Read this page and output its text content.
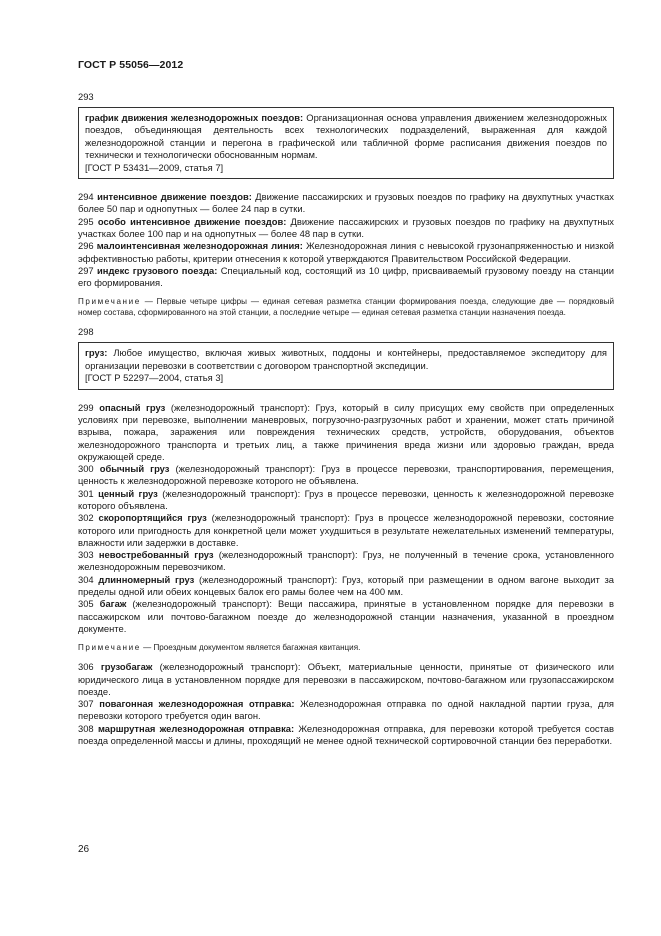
ГОСТ Р 55056—2012
293

график движения железнодорожных поездов: Организационная основа управления движением железнодорожных поездов, объединяющая деятельность всех технологических подразделений, выраженная для каждой железнодорожной станции и перегона в графической или табличной форме расписания движения поездов по технически и технологически обоснованным нормам.

[ГОСТ Р 53431—2009, статья 7]

294 интенсивное движение поездов: Движение пассажирских и грузовых поездов по графику на двухпутных участках более 50 пар и однопутных — более 24 пар в сутки.

295 особо интенсивное движение поездов: Движение пассажирских и грузовых поездов по графику на двухпутных участках более 100 пар и на однопутных — более 48 пар в сутки.

296 малоинтенсивная железнодорожная линия: Железнодорожная линия с невысокой грузонапряженностью и низкой эффективностью работы, критерии отнесения к которой утверждаются Правительством Российской Федерации.

297 индекс грузового поезда: Специальный код, состоящий из 10 цифр, присваиваемый грузовому поезду на станции его формирования.

Примечание — Первые четыре цифры — единая сетевая разметка станции формирования поезда, следующие две — порядковый номер состава, сформированного на этой станции, а последние четыре — единая сетевая разметка станции назначения поезда.

298

груз: Любое имущество, включая живых животных, поддоны и контейнеры, предоставляемое экспедитору для организации перевозки в соответствии с договором транспортной экспедиции.

[ГОСТ Р 52297—2004, статья 3]

299 опасный груз (железнодорожный транспорт): Груз, который в силу присущих ему свойств при определенных условиях при перевозке, выполнении маневровых, погрузочно-разгрузочных работ и хранении, может стать причиной взрыва, пожара, заражения или повреждения технических средств, устройств, оборудования, объектов железнодорожного транспорта и третьих лиц, а также причинения вреда жизни или здоровью граждан, вреда окружающей среде.

300 обычный груз (железнодорожный транспорт): Груз в процессе перевозки, транспортирования, перемещения, ценность к железнодорожной перевозке которого не объявлена.

301 ценный груз (железнодорожный транспорт): Груз в процессе перевозки, ценность к железнодорожной перевозке которого объявлена.

302 скоропортящийся груз (железнодорожный транспорт): Груз в процессе железнодорожной перевозки, состояние которого или пригодность для конкретной цели может ухудшиться в результате нежелательных изменений температуры, влажности или задержки в доставке.

303 невостребованный груз (железнодорожный транспорт): Груз, не полученный в течение срока, установленного железнодорожным перевозчиком.

304 длинномерный груз (железнодорожный транспорт): Груз, который при размещении в одном вагоне выходит за пределы одной или обеих концевых балок его рамы более чем на 400 мм.

305 багаж (железнодорожный транспорт): Вещи пассажира, принятые в установленном порядке для перевозки в пассажирском или почтово-багажном поезде до железнодорожной станции назначения, указанной в проездном документе.

Примечание — Проездным документом является багажная квитанция.

306 грузобагаж (железнодорожный транспорт): Объект, материальные ценности, принятые от физического или юридического лица в установленном порядке для перевозки в пассажирском, почтово-багажном или грузопассажирском поезде.

307 повагонная железнодорожная отправка: Железнодорожная отправка по одной накладной партии груза, для перевозки которого требуется один вагон.

308 маршрутная железнодорожная отправка: Железнодорожная отправка, для перевозки которой требуется состав поезда определенной массы и длины, проходящий не менее одной технической сортировочной станции без переработки.

26
